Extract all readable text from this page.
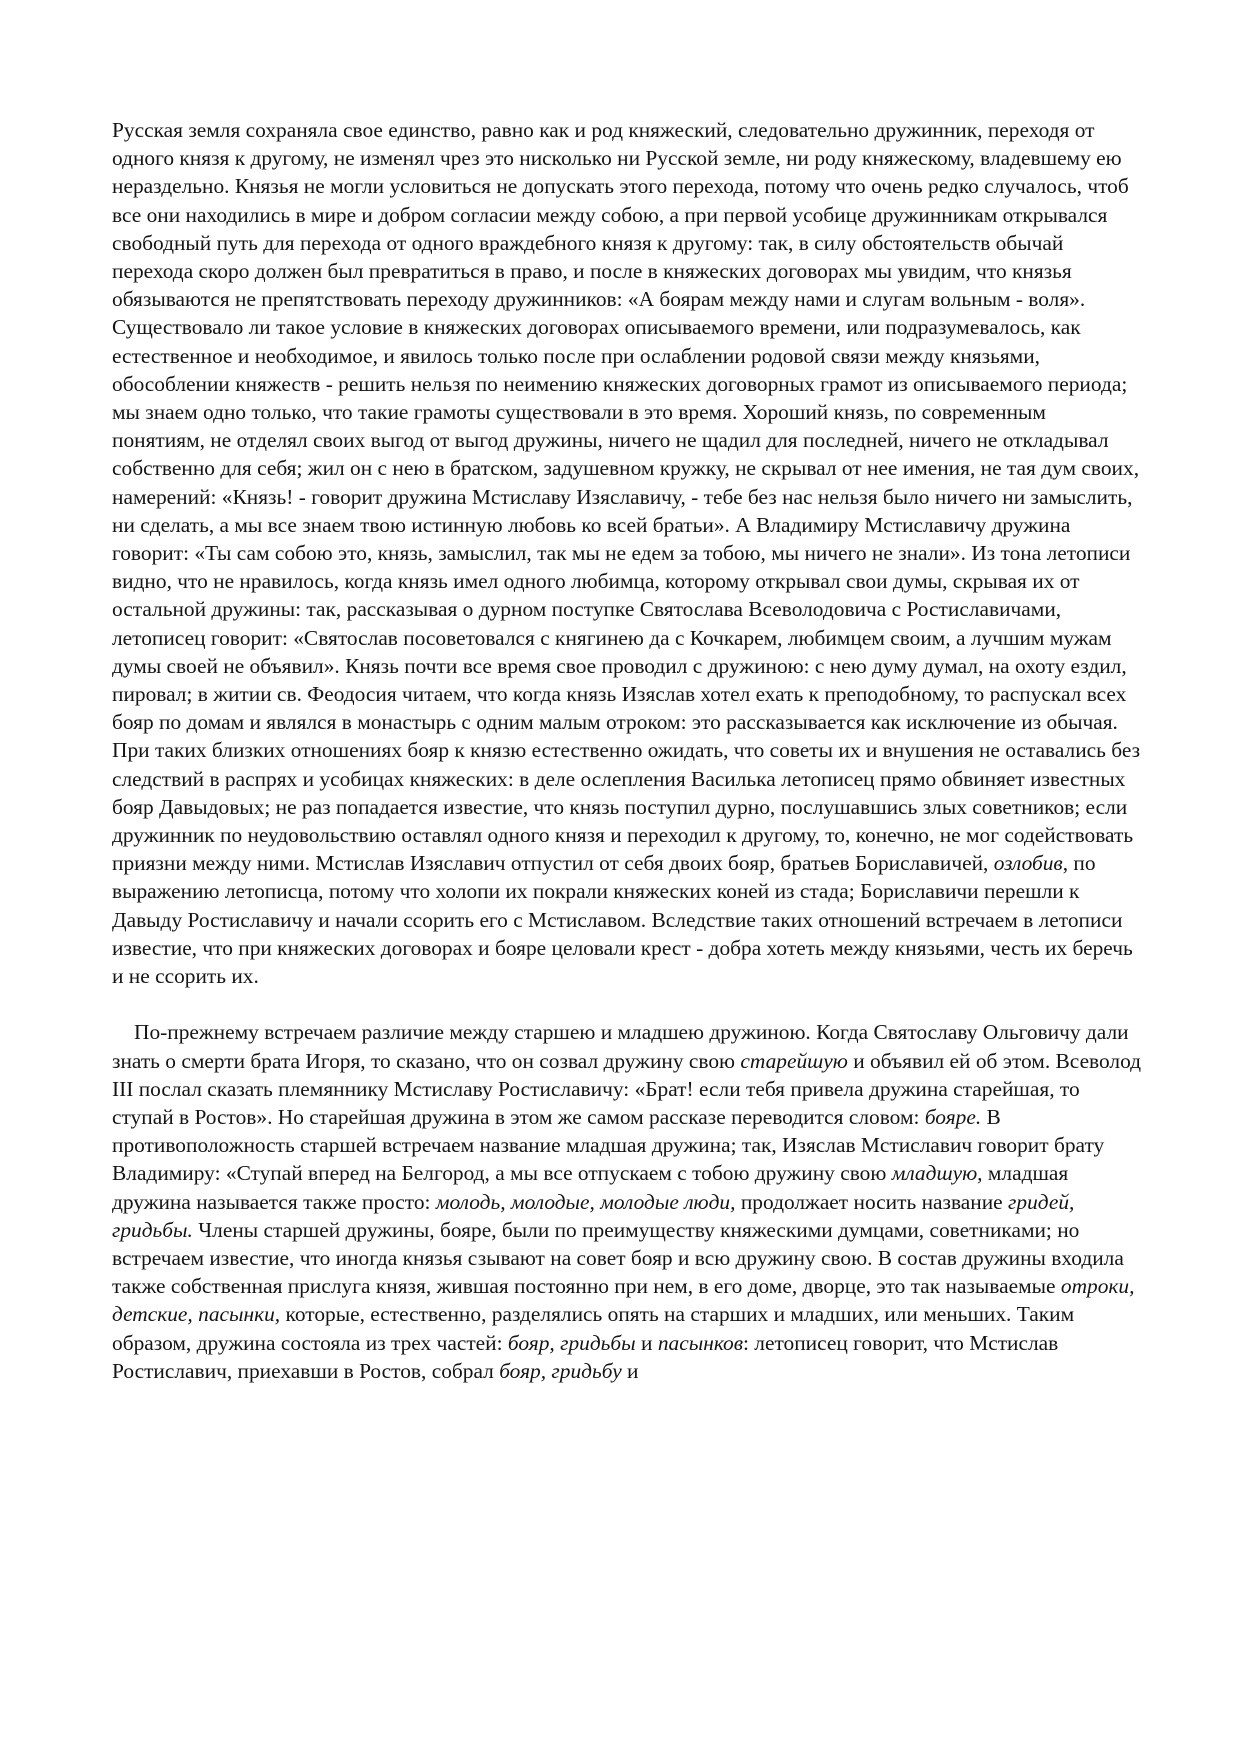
Русская земля сохраняла свое единство, равно как и род княжеский, следовательно дружинник, переходя от одного князя к другому, не изменял чрез это нисколько ни Русской земле, ни роду княжескому, владевшему ею нераздельно. Князья не могли условиться не допускать этого перехода, потому что очень редко случалось, чтоб все они находились в мире и добром согласии между собою, а при первой усобице дружинникам открывался свободный путь для перехода от одного враждебного князя к другому: так, в силу обстоятельств обычай перехода скоро должен был превратиться в право, и после в княжеских договорах мы увидим, что князья обязываются не препятствовать переходу дружинников: «А боярам между нами и слугам вольным - воля». Существовало ли такое условие в княжеских договорах описываемого времени, или подразумевалось, как естественное и необходимое, и явилось только после при ослаблении родовой связи между князьями, обособлении княжеств - решить нельзя по неимению княжеских договорных грамот из описываемого периода; мы знаем одно только, что такие грамоты существовали в это время. Хороший князь, по современным понятиям, не отделял своих выгод от выгод дружины, ничего не щадил для последней, ничего не откладывал собственно для себя; жил он с нею в братском, задушевном кружку, не скрывал от нее имения, не тая дум своих, намерений: «Князь! - говорит дружина Мстиславу Изяславичу, - тебе без нас нельзя было ничего ни замыслить, ни сделать, а мы все знаем твою истинную любовь ко всей братьи». А Владимиру Мстиславичу дружина говорит: «Ты сам собою это, князь, замыслил, так мы не едем за тобою, мы ничего не знали». Из тона летописи видно, что не нравилось, когда князь имел одного любимца, которому открывал свои думы, скрывая их от остальной дружины: так, рассказывая о дурном поступке Святослава Всеволодовича с Ростиславичами, летописец говорит: «Святослав посоветовался с княгинею да с Кочкарем, любимцем своим, а лучшим мужам думы своей не объявил». Князь почти все время свое проводил с дружиною: с нею думу думал, на охоту ездил, пировал; в житии св. Феодосия читаем, что когда князь Изяслав хотел ехать к преподобному, то распускал всех бояр по домам и являлся в монастырь с одним малым отроком: это рассказывается как исключение из обычая. При таких близких отношениях бояр к князю естественно ожидать, что советы их и внушения не оставались без следствий в распрях и усобицах княжеских: в деле ослепления Василька летописец прямо обвиняет известных бояр Давыдовых; не раз попадается известие, что князь поступил дурно, послушавшись злых советников; если дружинник по неудовольствию оставлял одного князя и переходил к другому, то, конечно, не мог содействовать приязни между ними. Мстислав Изяславич отпустил от себя двоих бояр, братьев Бориславичей, озлобив, по выражению летописца, потому что холопи их покрали княжеских коней из стада; Бориславичи перешли к Давыду Ростиславичу и начали ссорить его с Мстиславом. Вследствие таких отношений встречаем в летописи известие, что при княжеских договорах и бояре целовали крест - добра хотеть между князьями, честь их беречь и не ссорить их.

По-прежнему встречаем различие между старшею и младшею дружиною. Когда Святославу Ольговичу дали знать о смерти брата Игоря, то сказано, что он созвал дружину свою старейшую и объявил ей об этом. Всеволод III послал сказать племяннику Мстиславу Ростиславичу: «Брат! если тебя привела дружина старейшая, то ступай в Ростов». Но старейшая дружина в этом же самом рассказе переводится словом: бояре. В противоположность старшей встречаем название младшая дружина; так, Изяслав Мстиславич говорит брату Владимиру: «Ступай вперед на Белгород, а мы все отпускаем с тобою дружину свою младшую, младшая дружина называется также просто: молодь, молодые, молодые люди, продолжает носить название гридей, гридьбы. Члены старшей дружины, бояре, были по преимуществу княжескими думцами, советниками; но встречаем известие, что иногда князья сзывают на совет бояр и всю дружину свою. В состав дружины входила также собственная прислуга князя, жившая постоянно при нем, в его доме, дворце, это так называемые отроки, детские, пасынки, которые, естественно, разделялись опять на старших и младших, или меньших. Таким образом, дружина состояла из трех частей: бояр, гридьбы и пасынков: летописец говорит, что Мстислав Ростиславич, приехавши в Ростов, собрал бояр, гридьбу и
